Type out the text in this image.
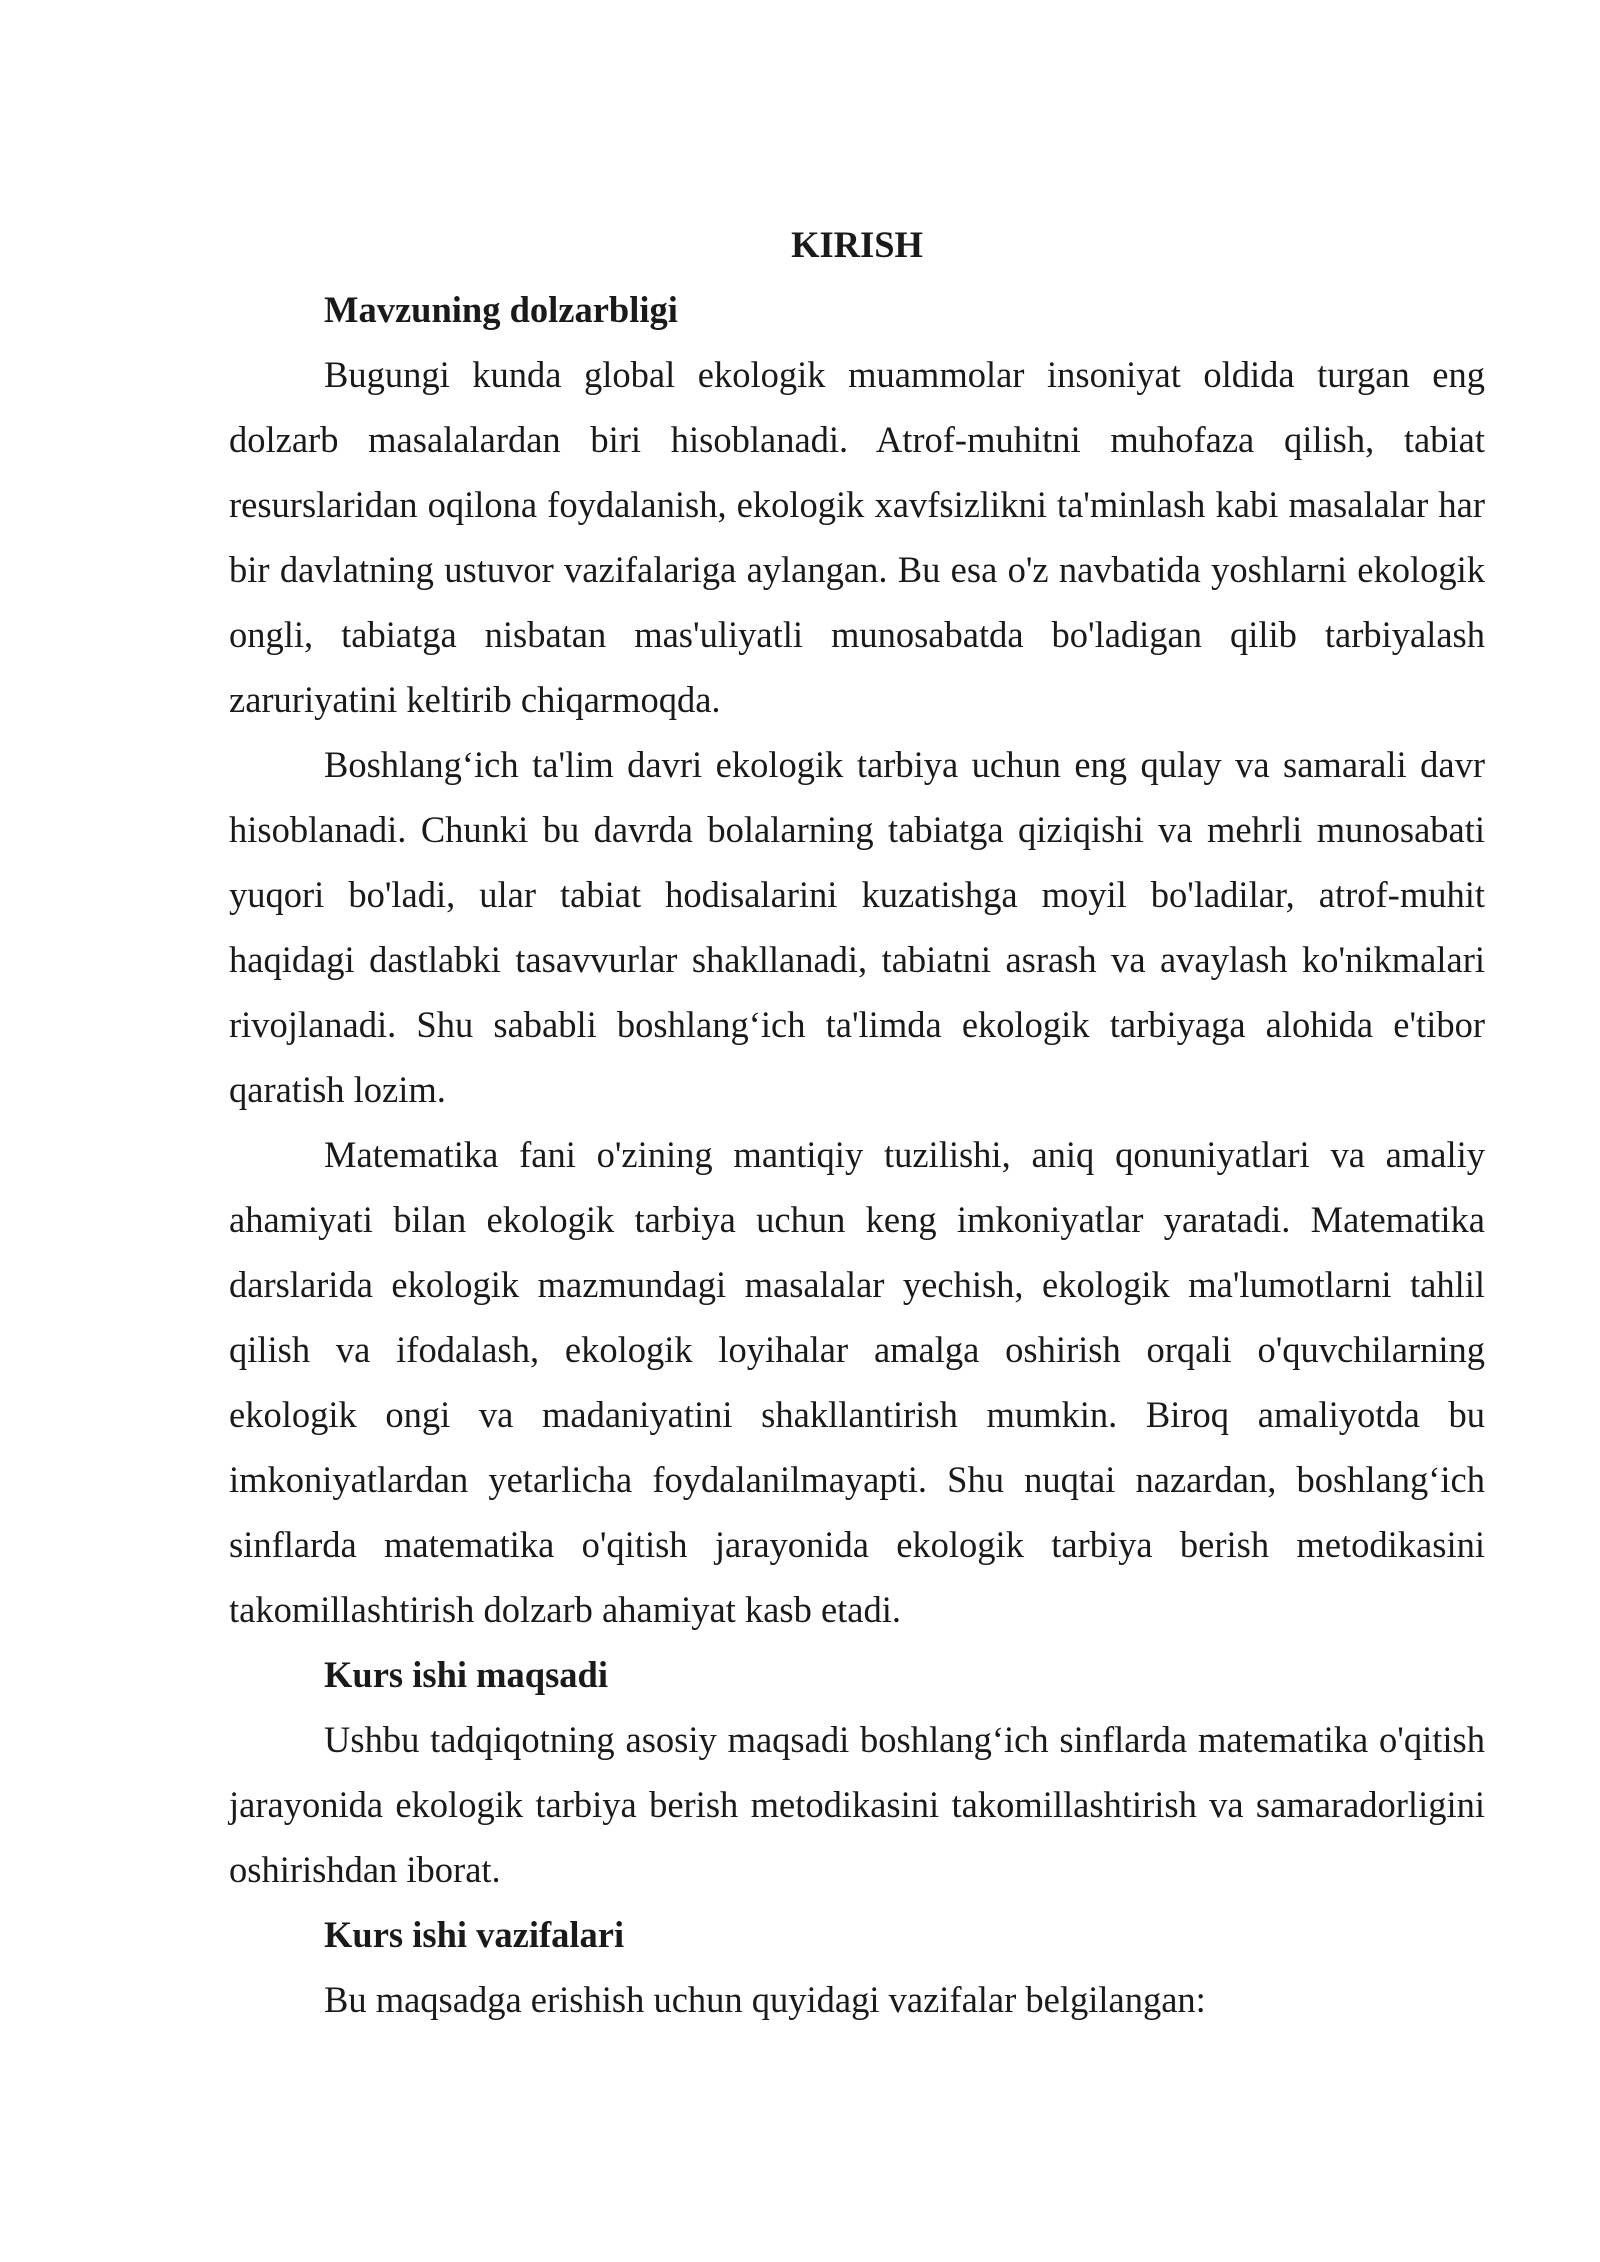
KIRISH

Mavzuning dolzarbligi

Bugungi kunda global ekologik muammolar insoniyat oldida turgan eng dolzarb masalalardan biri hisoblanadi. Atrof-muhitni muhofaza qilish, tabiat resurslaridan oqilona foydalanish, ekologik xavfsizlikni ta'minlash kabi masalalar har bir davlatning ustuvor vazifalariga aylangan. Bu esa o'z navbatida yoshlarni ekologik ongli, tabiatga nisbatan mas'uliyatli munosabatda bo'ladigan qilib tarbiyalash zaruriyatini keltirib chiqarmoqda.

Boshlang‘ich ta'lim davri ekologik tarbiya uchun eng qulay va samarali davr hisoblanadi. Chunki bu davrda bolalarning tabiatga qiziqishi va mehrli munosabati yuqori bo'ladi, ular tabiat hodisalarini kuzatishga moyil bo'ladilar, atrof-muhit haqidagi dastlabki tasavvurlar shakllanadi, tabiatni asrash va avaylash ko'nikmalari rivojlanadi. Shu sababli boshlang‘ich ta'limda ekologik tarbiyaga alohida e'tibor qaratish lozim.

Matematika fani o'zining mantiqiy tuzilishi, aniq qonuniyatlari va amaliy ahamiyati bilan ekologik tarbiya uchun keng imkoniyatlar yaratadi. Matematika darslarida ekologik mazmundagi masalalar yechish, ekologik ma'lumotlarni tahlil qilish va ifodalash, ekologik loyihalar amalga oshirish orqali o'quvchilarning ekologik ongi va madaniyatini shakllantirish mumkin. Biroq amaliyotda bu imkoniyatlardan yetarlicha foydalanilmayapti. Shu nuqtai nazardan, boshlang‘ich sinflarda matematika o'qitish jarayonida ekologik tarbiya berish metodikasini takomillashtirish dolzarb ahamiyat kasb etadi.

Kurs ishi maqsadi

Ushbu tadqiqotning asosiy maqsadi boshlang‘ich sinflarda matematika o'qitish jarayonida ekologik tarbiya berish metodikasini takomillashtirish va samaradorligini oshirishdan iborat.

Kurs ishi vazifalari

Bu maqsadga erishish uchun quyidagi vazifalar belgilangan:
